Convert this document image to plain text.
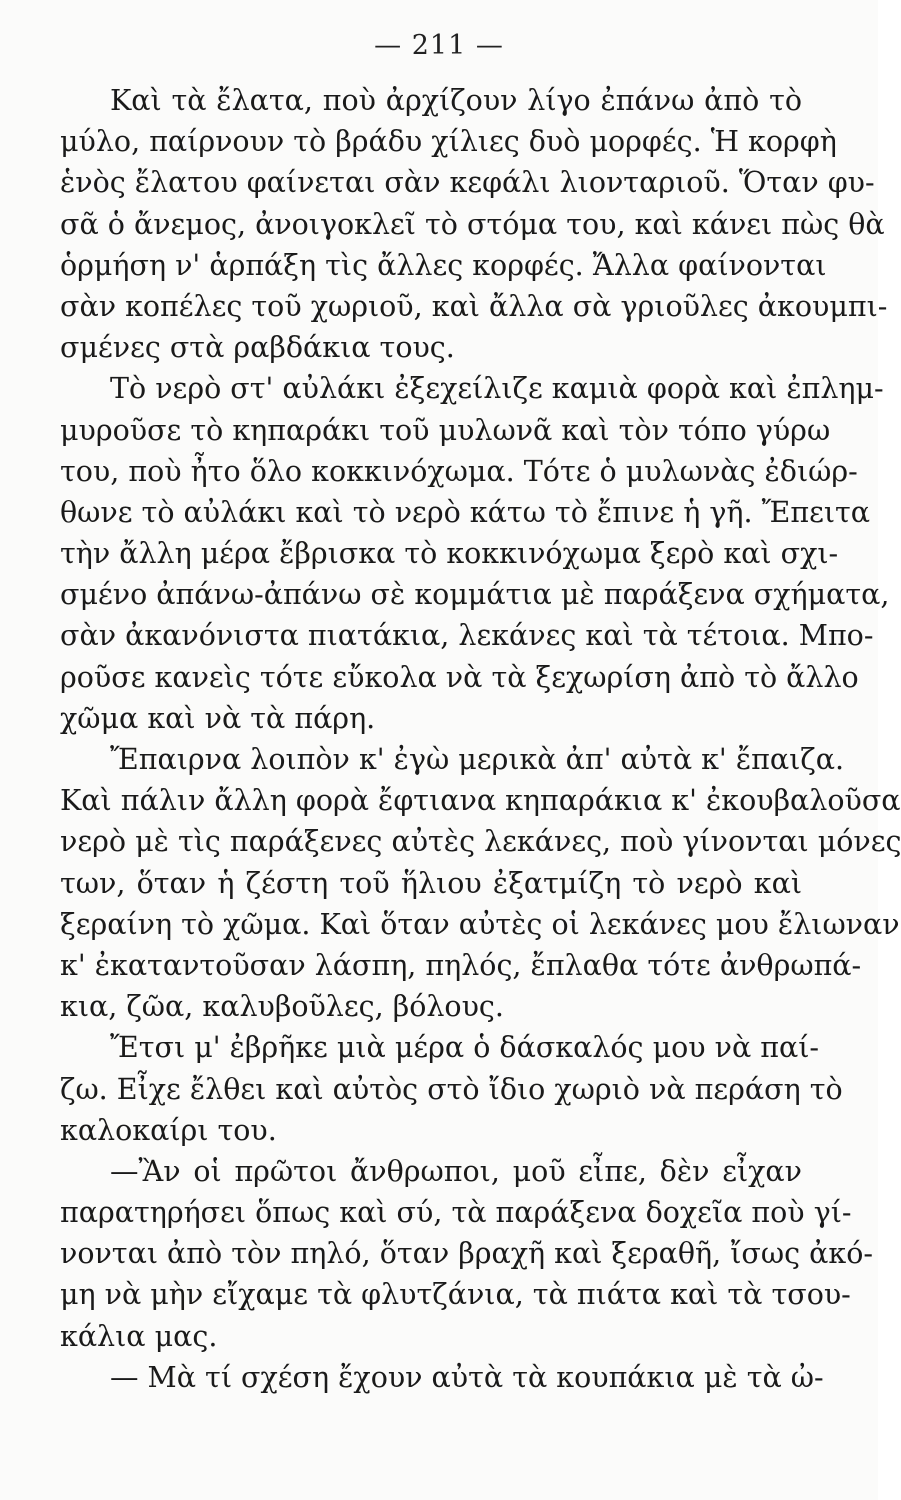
— 211 —
Καὶ τὰ ἔλατα, ποὺ ἀρχίζουν λίγο ἐπάνω ἀπὸ τὸ
μύλο, παίρνουν τὸ βράδυ χίλιες δυὸ μορφές. Ἡ κορφὴ
ἑνὸς ἔλατου φαίνεται σὰν κεφάλι λιονταριοῦ. Ὅταν φυ-
σᾶ ὁ ἄνεμος, ἀνοιγοκλεῖ τὸ στόμα του, καὶ κάνει πὼς θὰ
ὁρμήση ν' ἁρπάξη τὶς ἄλλες κορφές. Ἄλλα φαίνονται
σὰν κοπέλες τοῦ χωριοῦ, καὶ ἄλλα σὰ γριοῦλες ἀκουμπι-
σμένες στὰ ραβδάκια τους.
Τὸ νερὸ στ' αὐλάκι ἐξεχείλιζε καμιὰ φορὰ καὶ ἐπλημ-
μυροῦσε τὸ κηπαράκι τοῦ μυλωνᾶ καὶ τὸν τόπο γύρω
του, ποὺ ἦτο ὅλο κοκκινόχωμα. Τότε ὁ μυλωνὰς ἐδιώρ-
θωνε τὸ αὐλάκι καὶ τὸ νερὸ κάτω τὸ ἔπινε ἡ γῆ. Ἔπειτα
τὴν ἄλλη μέρα ἔβρισκα τὸ κοκκινόχωμα ξερὸ καὶ σχι-
σμένο ἀπάνω-ἀπάνω σὲ κομμάτια μὲ παράξενα σχήματα,
σὰν ἀκανόνιστα πιατάκια, λεκάνες καὶ τὰ τέτοια. Μπο-
ροῦσε κανεὶς τότε εὔκολα νὰ τὰ ξεχωρίση ἀπὸ τὸ ἄλλο
χῶμα καὶ νὰ τὰ πάρη.
Ἔπαιρνα λοιπὸν κ' ἐγὼ μερικὰ ἀπ' αὐτὰ κ' ἔπαιζα.
Καὶ πάλιν ἄλλη φορὰ ἔφτιανα κηπαράκια κ' ἐκουβαλοῦσα
νερὸ μὲ τὶς παράξενες αὐτὲς λεκάνες, ποὺ γίνονται μόνες
των, ὅταν ἡ ζέστη τοῦ ἥλιου ἐξατμίζη τὸ νερὸ καὶ
ξεραίνη τὸ χῶμα. Καὶ ὅταν αὐτὲς οἱ λεκάνες μου ἔλιωναν
κ' ἐκαταντοῦσαν λάσπη, πηλός, ἔπλαθα τότε ἀνθρωπά-
κια, ζῶα, καλυβοῦλες, βόλους.
Ἔτσι μ' ἐβρῆκε μιὰ μέρα ὁ δάσκαλός μου νὰ παί-
ζω. Εἶχε ἔλθει καὶ αὐτὸς στὸ ἴδιο χωριὸ νὰ περάση τὸ
καλοκαίρι του.
—Ἂν οἱ πρῶτοι ἄνθρωποι, μοῦ εἶπε, δὲν εἶχαν
παρατηρήσει ὅπως καὶ σύ, τὰ παράξενα δοχεῖα ποὺ γί-
νονται ἀπὸ τὸν πηλό, ὅταν βραχῆ καὶ ξεραθῆ, ἴσως ἀκό-
μη νὰ μὴν εἴχαμε τὰ φλυτζάνια, τὰ πιάτα καὶ τὰ τσου-
κάλια μας.
— Μὰ τί σχέση ἔχουν αὐτὰ τὰ κουπάκια μὲ τὰ ὠ-
